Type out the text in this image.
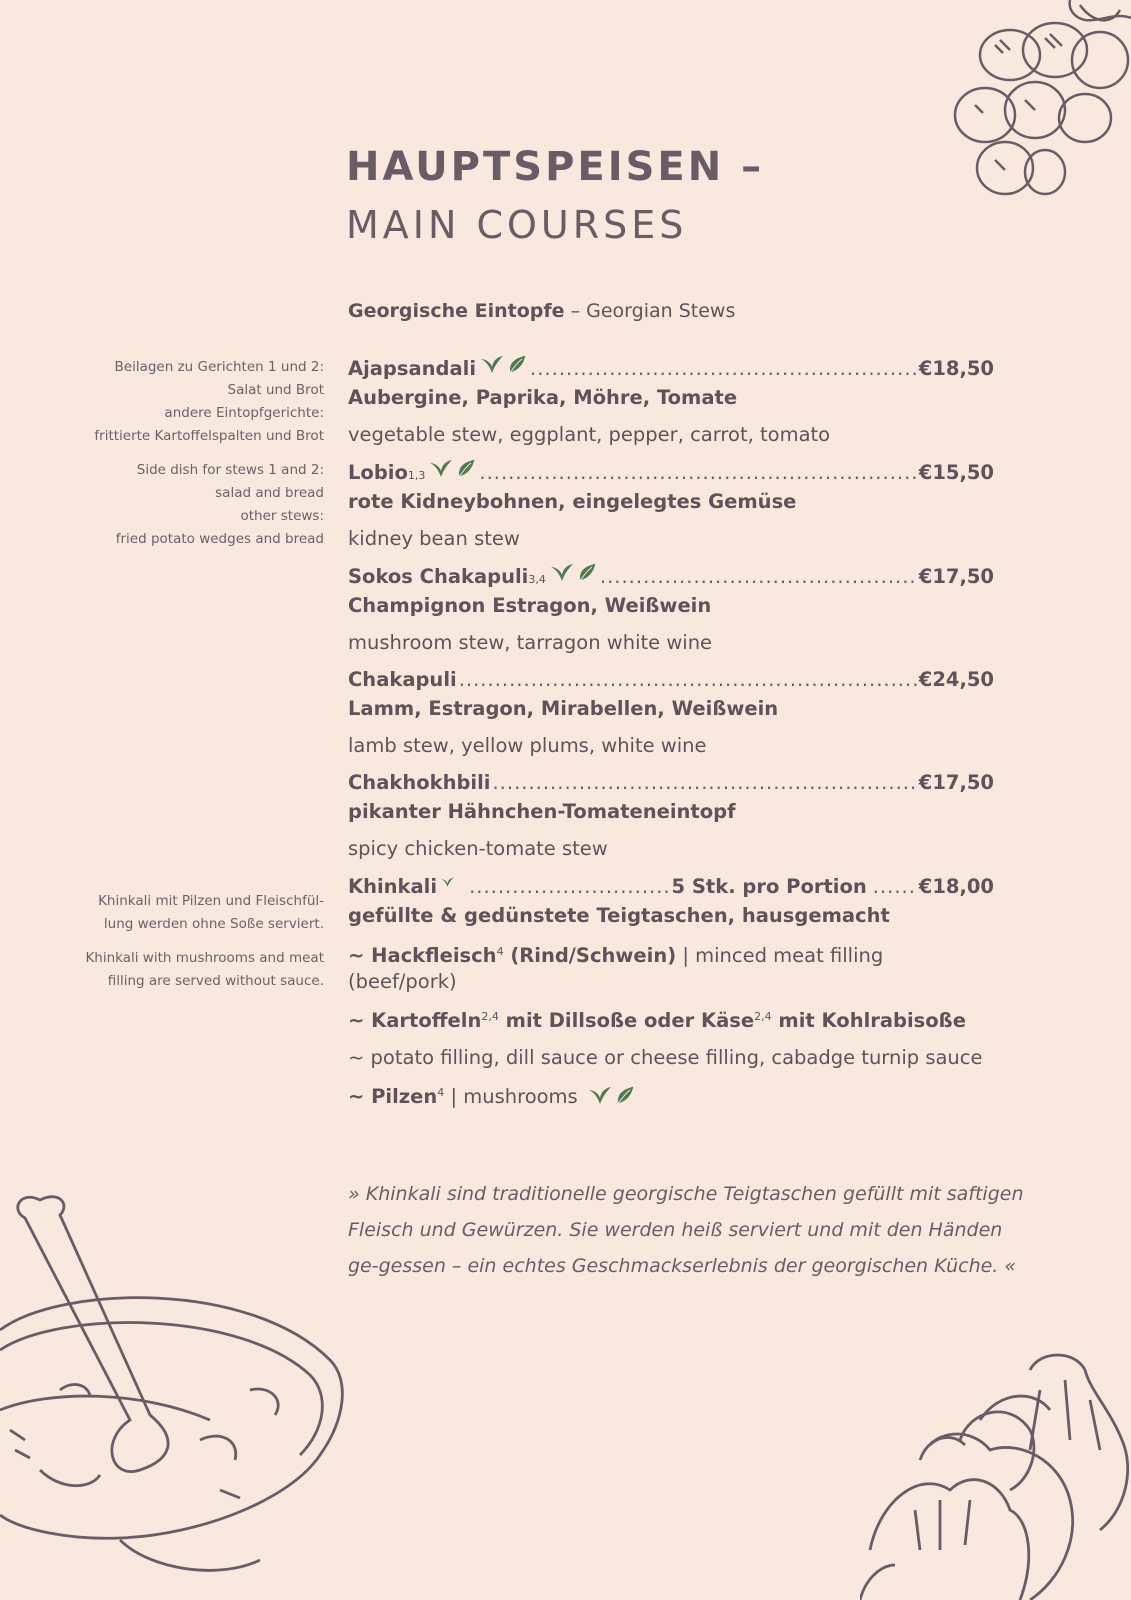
HAUPTSPEISEN –
MAIN COURSES
Georgische Eintopfe – Georgian Stews

Beilagen zu Gerichten 1 und 2:
Salat und Brot
andere Eintopfgerichte:
frittierte Kartoffelspalten und Brot

Side dish for stews 1 and 2:
salad and bread
other stews:
fried potato wedges and bread

Khinkali mit Pilzen und Fleischfül-
lung werden ohne Soße serviert.

Khinkali with mushrooms and meat
filling are served without sauce.

Ajapsandali .....	€18,50
Aubergine, Paprika, Möhre, Tomate
vegetable stew, eggplant, pepper, carrot, tomato
Lobio 1,3 .....	€15,50
rote Kidneybohnen, eingelegtes Gemüse
kidney bean stew
Sokos Chakapuli 3,4 .....	€17,50
Champignon Estragon, Weißwein
mushroom stew, tarragon white wine
Chakapuli .....	€24,50
Lamm, Estragon, Mirabellen, Weißwein
lamb stew, yellow plums, white wine
Chakhokhbili .....	€17,50
pikanter Hähnchen-Tomateneintopf
spicy chicken-tomate stew
Khinkali .....	5 Stk. pro Portion .....	€18,00
gefüllte & gedünstete Teigtaschen, hausgemacht
~ Hackfleisch$^4$ (Rind/Schwein) | minced meat filling (beef/pork)
~ Kartoffeln$^{2,4}$ mit Dillsoße oder Käse$^{2,4}$ mit Kohlrabisoße
~ potato filling, dill sauce or cheese filling, cabadge turnip sauce
~ Pilzen$^4$ | mushrooms
» Khinkali sind traditionelle georgische Teigtaschen gefüllt mit saftigen Fleisch und Gewürzen. Sie werden heiß serviert und mit den Händen ge-gessen – ein echtes Geschmackserlebnis der georgischen Küche. «
